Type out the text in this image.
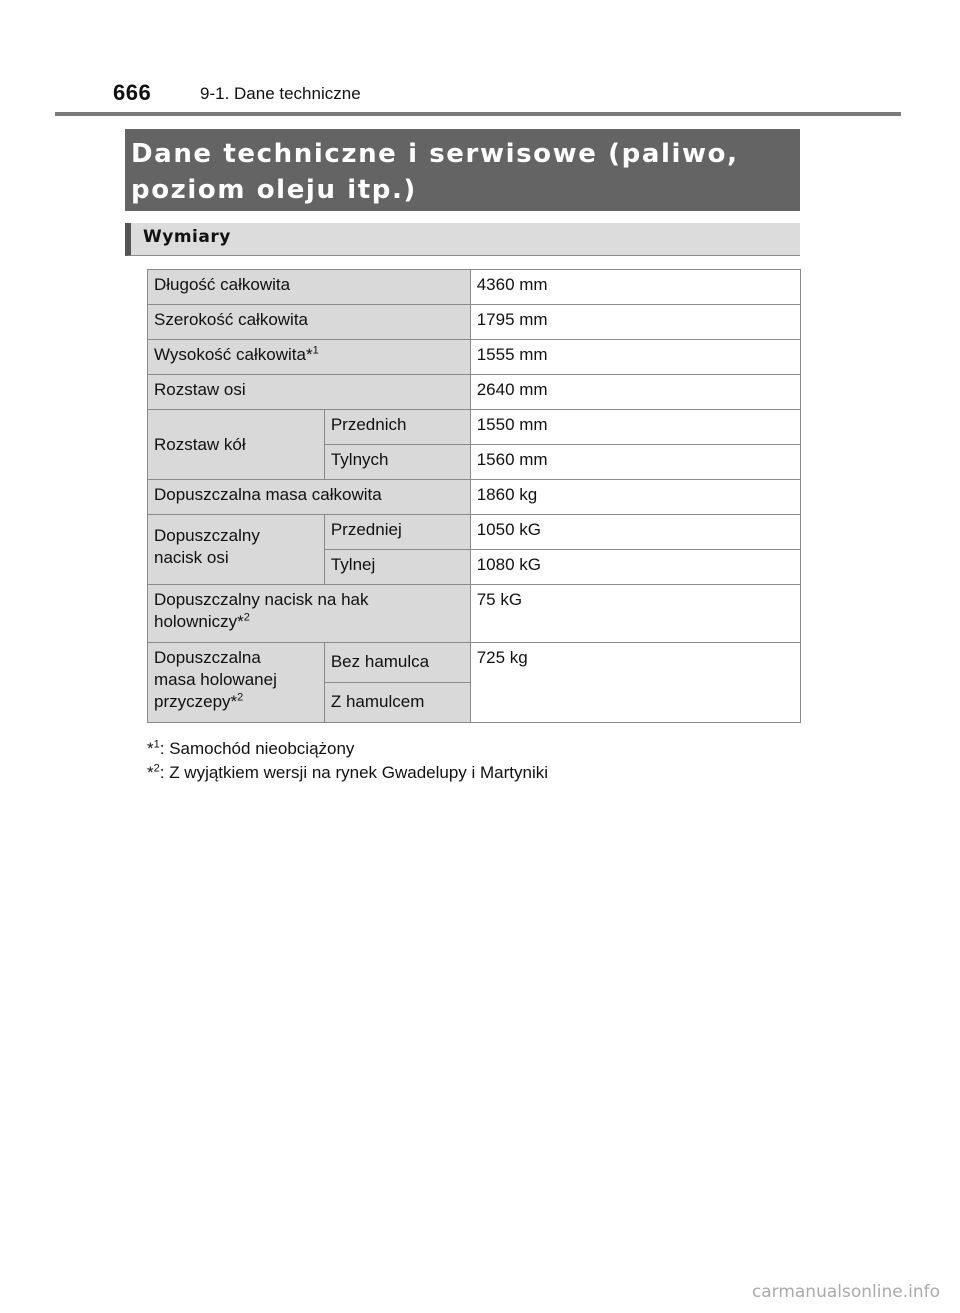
666	9-1. Dane techniczne
Dane techniczne i serwisowe (paliwo, poziom oleju itp.)
Wymiary
Długość całkowita		4360 mm
Szerokość całkowita		1795 mm
Wysokość całkowita*$^1$		1555 mm
Rozstaw osi		2640 mm
Rozstaw kół	Przednich	1550 mm
	Tylnych	1560 mm
Dopuszczalna masa całkowita		1860 kg
Dopuszczalny
nacisk osi	Przedniej	1050 kG
	Tylnej	1080 kG
Dopuszczalny nacisk na hak
holowniczy*$^2$		75 kG
Dopuszczalna
masa holowanej
przyczepy*$^2$	Bez hamulca	725 kg
	Z hamulcem	
*$^1$: Samochód nieobciążony
*$^2$: Z wyjątkiem wersji na rynek Gwadelupy i Martyniki
carmanualsonline.info
